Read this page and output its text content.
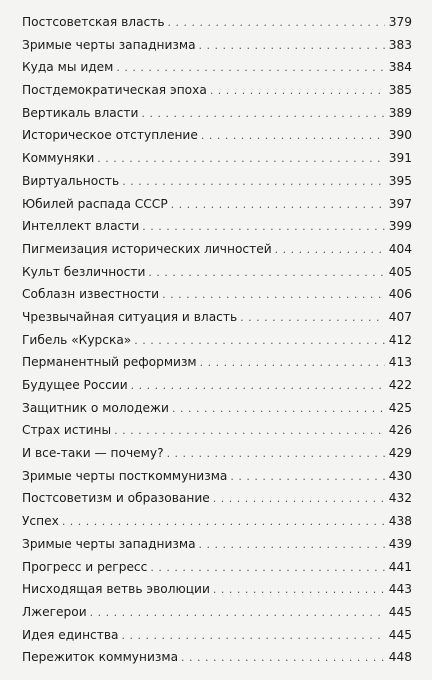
Постсоветская власть . . .	379
Зримые черты западнизма . . .	383
Куда мы идем . . .	384
Постдемократическая эпоха . . .	385
Вертикаль власти . . .	389
Историческое отступление . . .	390
Коммуняки . . .	391
Виртуальность . . .	395
Юбилей распада СССР . . .	397
Интеллект власти . . .	399
Пигмеизация исторических личностей . . .	404
Культ безличности . . .	405
Соблазн известности . . .	406
Чрезвычайная ситуация и власть . . .	407
Гибель «Курска» . . .	412
Перманентный реформизм . . .	413
Будущее России . . .	422
Защитник о молодежи . . .	425
Страх истины . . .	426
И все-таки — почему? . . .	429
Зримые черты посткоммунизма . . .	430
Постсоветизм и образование . . .	432
Успех . . .	438
Зримые черты западнизма . . .	439
Прогресс и регресс . . .	441
Нисходящая ветвь эволюции . . .	443
Лжегерои . . .	445
Идея единства . . .	445
Пережиток коммунизма . . .	448
